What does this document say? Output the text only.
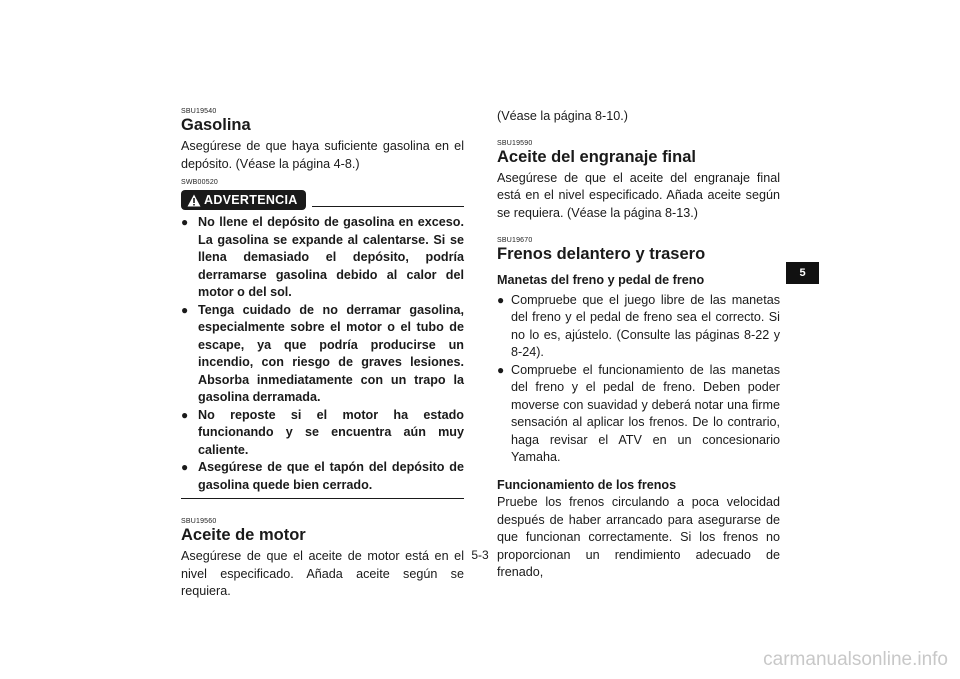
SBU19540

Gasolina

Asegúrese de que haya suficiente gasolina en el depósito. (Véase la página 4-8.)

SWB00520

ADVERTENCIA
● No llene el depósito de gasolina en exceso. La gasolina se expande al calentarse. Si se llena demasiado el depósito, podría derramarse gasolina debido al calor del motor o del sol.
● Tenga cuidado de no derramar gasolina, especialmente sobre el motor o el tubo de escape, ya que podría producirse un incendio, con riesgo de graves lesiones. Absorba inmediatamente con un trapo la gasolina derramada.
● No reposte si el motor ha estado funcionando y se encuentra aún muy caliente.
● Asegúrese de que el tapón del depósito de gasolina quede bien cerrado.

SBU19560

Aceite de motor

Asegúrese de que el aceite de motor está en el nivel especificado. Añada aceite según se requiera.

(Véase la página 8-10.)

SBU19590

Aceite del engranaje final

Asegúrese de que el aceite del engranaje final está en el nivel especificado. Añada aceite según se requiera. (Véase la página 8-13.)

SBU19670

Frenos delantero y trasero

Manetas del freno y pedal de freno

● Compruebe que el juego libre de las manetas del freno y el pedal de freno sea el correcto. Si no lo es, ajústelo. (Consulte las páginas 8-22 y 8-24).
● Compruebe el funcionamiento de las manetas del freno y el pedal de freno. Deben poder moverse con suavidad y deberá notar una firme sensación al aplicar los frenos. De lo contrario, haga revisar el ATV en un concesionario Yamaha.

Funcionamiento de los frenos

Pruebe los frenos circulando a poca velocidad después de haber arrancado para asegurarse de que funcionan correctamente. Si los frenos no proporcionan un rendimiento adecuado de frenado,

5
5-3
carmanualsonline.info
